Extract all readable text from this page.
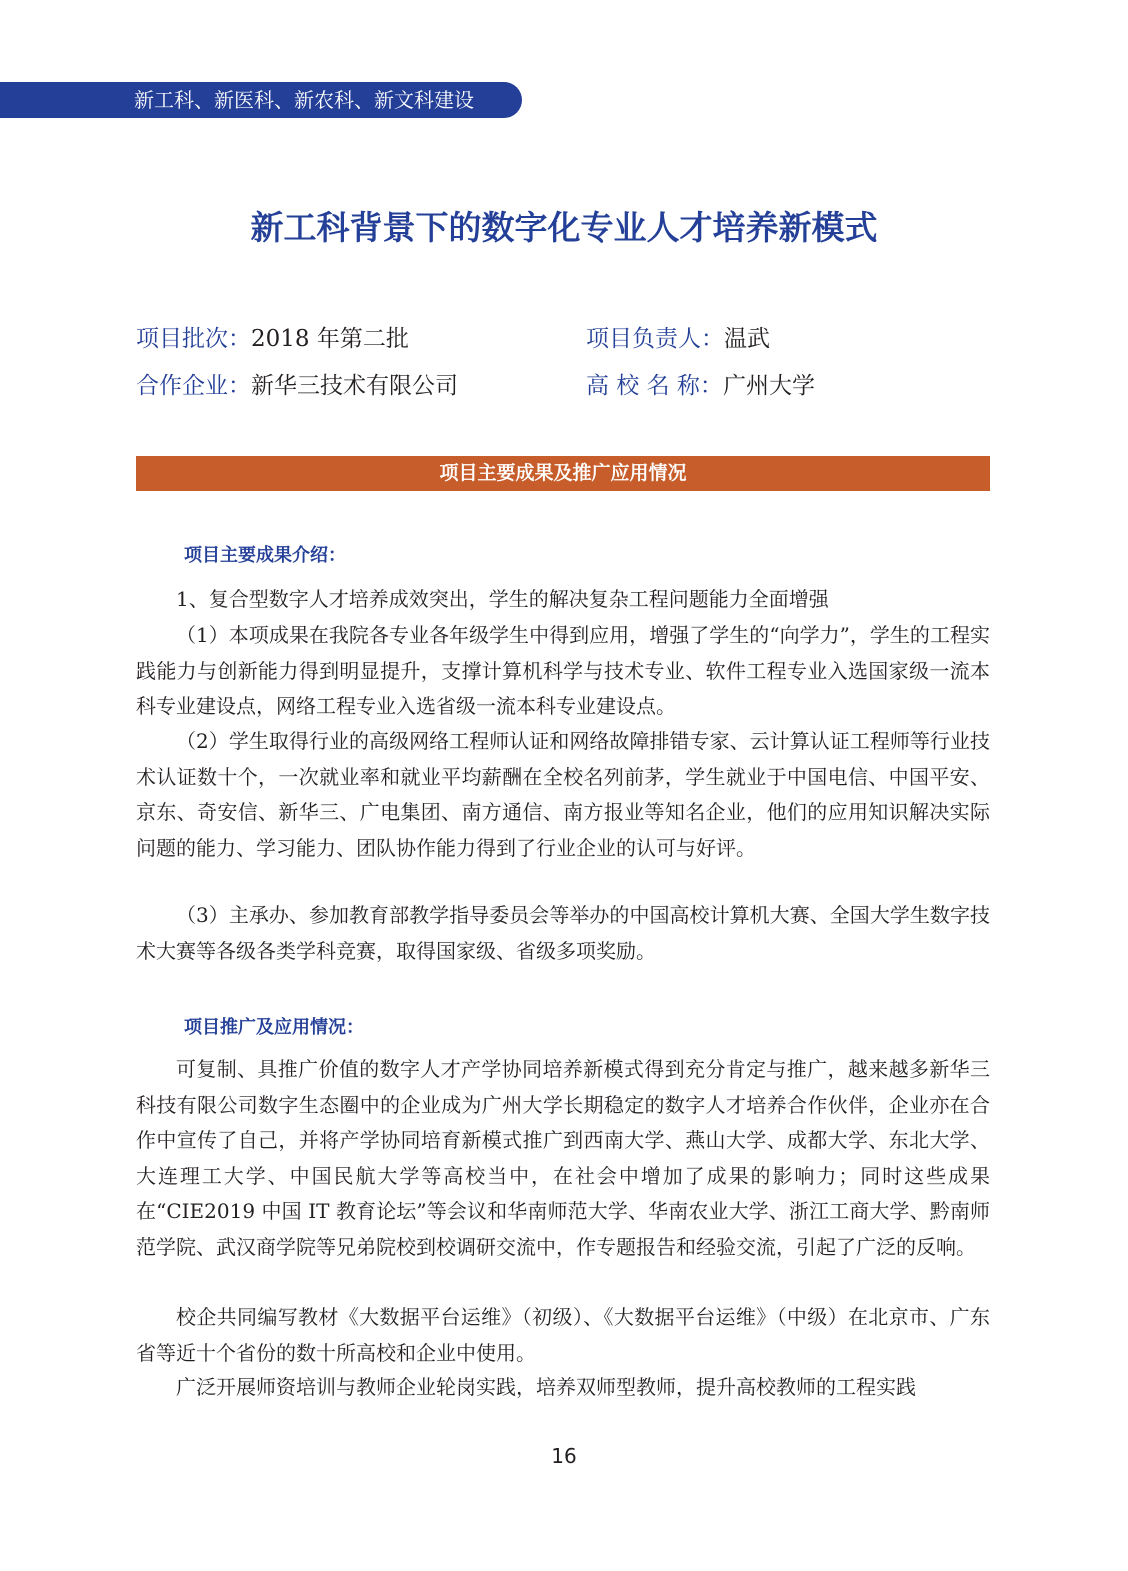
新工科、新医科、新农科、新文科建设
新工科背景下的数字化专业人才培养新模式
项目批次：2018 年第二批	项目负责人：温武
合作企业：新华三技术有限公司	高 校 名 称：广州大学
项目主要成果及推广应用情况
项目主要成果介绍：

1、复合型数字人才培养成效突出，学生的解决复杂工程问题能力全面增强

（1）本项成果在我院各专业各年级学生中得到应用，增强了学生的“向学力”，学生的工程实践能力与创新能力得到明显提升，支撑计算机科学与技术专业、软件工程专业入选国家级一流本科专业建设点，网络工程专业入选省级一流本科专业建设点。

（2）学生取得行业的高级网络工程师认证和网络故障排错专家、云计算认证工程师等行业技术认证数十个，一次就业率和就业平均薪酬在全校名列前茅，学生就业于中国电信、中国平安、京东、奇安信、新华三、广电集团、南方通信、南方报业等知名企业，他们的应用知识解决实际问题的能力、学习能力、团队协作能力得到了行业企业的认可与好评。

（3）主承办、参加教育部教学指导委员会等举办的中国高校计算机大赛、全国大学生数字技术大赛等各级各类学科竞赛，取得国家级、省级多项奖励。

项目推广及应用情况：

可复制、具推广价值的数字人才产学协同培养新模式得到充分肯定与推广，越来越多新华三科技有限公司数字生态圈中的企业成为广州大学长期稳定的数字人才培养合作伙伴，企业亦在合作中宣传了自己，并将产学协同培育新模式推广到西南大学、燕山大学、成都大学、东北大学、大连理工大学、中国民航大学等高校当中，在社会中增加了成果的影响力；同时这些成果在“CIE2019 中国 IT 教育论坛”等会议和华南师范大学、华南农业大学、浙江工商大学、黔南师范学院、武汉商学院等兄弟院校到校调研交流中，作专题报告和经验交流，引起了广泛的反响。

校企共同编写教材《大数据平台运维》（初级）、《大数据平台运维》（中级）在北京市、广东省等近十个省份的数十所高校和企业中使用。

广泛开展师资培训与教师企业轮岗实践，培养双师型教师，提升高校教师的工程实践

16
